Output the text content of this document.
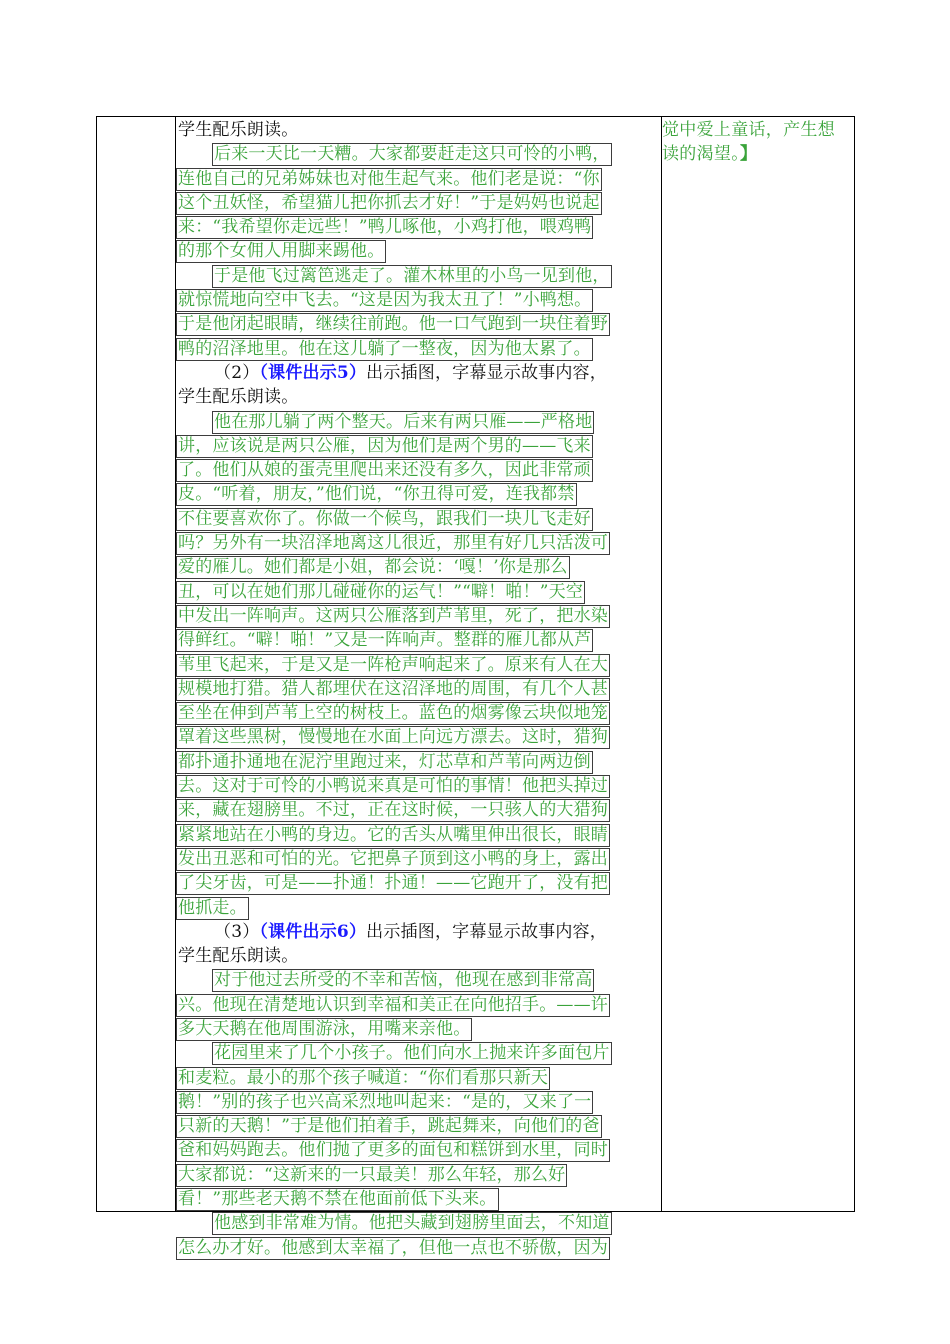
学生配乐朗读。
后来一天比一天糟。大家都要赶走这只可怜的小鸭，
连他自己的兄弟姊妹也对他生起气来。他们老是说：“你
这个丑妖怪，希望猫儿把你抓去才好！”于是妈妈也说起
来：“我希望你走远些！”鸭儿啄他，小鸡打他，喂鸡鸭
的那个女佣人用脚来踢他。
于是他飞过篱笆逃走了。灌木林里的小鸟一见到他，
就惊慌地向空中飞去。“这是因为我太丑了！”小鸭想。
于是他闭起眼睛，继续往前跑。他一口气跑到一块住着野
鸭的沼泽地里。他在这儿躺了一整夜，因为他太累了。
（2）（课件出示5）出示插图，字幕显示故事内容，
学生配乐朗读。
他在那儿躺了两个整天。后来有两只雁——严格地
讲，应该说是两只公雁，因为他们是两个男的——飞来
了。他们从娘的蛋壳里爬出来还没有多久，因此非常顽
皮。“听着，朋友，”他们说，“你丑得可爱，连我都禁
不住要喜欢你了。你做一个候鸟，跟我们一块儿飞走好
吗？另外有一块沼泽地离这儿很近，那里有好几只活泼可
爱的雁儿。她们都是小姐，都会说：‘嘎！’你是那么
丑，可以在她们那儿碰碰你的运气！”“噼！啪！”天空
中发出一阵响声。这两只公雁落到芦苇里，死了，把水染
得鲜红。“噼！啪！”又是一阵响声。整群的雁儿都从芦
苇里飞起来，于是又是一阵枪声响起来了。原来有人在大
规模地打猎。猎人都埋伏在这沼泽地的周围，有几个人甚
至坐在伸到芦苇上空的树枝上。蓝色的烟雾像云块似地笼
罩着这些黑树，慢慢地在水面上向远方漂去。这时，猎狗
都扑通扑通地在泥泞里跑过来，灯芯草和芦苇向两边倒
去。这对于可怜的小鸭说来真是可怕的事情！他把头掉过
来，藏在翅膀里。不过，正在这时候，一只骇人的大猎狗
紧紧地站在小鸭的身边。它的舌头从嘴里伸出很长，眼睛
发出丑恶和可怕的光。它把鼻子顶到这小鸭的身上，露出
了尖牙齿，可是——扑通！扑通！——它跑开了，没有把
他抓走。
（3）（课件出示6）出示插图，字幕显示故事内容，
学生配乐朗读。
对于他过去所受的不幸和苦恼，他现在感到非常高
兴。他现在清楚地认识到幸福和美正在向他招手。——许
多大天鹅在他周围游泳，用嘴来亲他。
花园里来了几个小孩子。他们向水上抛来许多面包片
和麦粒。最小的那个孩子喊道：“你们看那只新天
鹅！”别的孩子也兴高采烈地叫起来：“是的，又来了一
只新的天鹅！”于是他们拍着手，跳起舞来，向他们的爸
爸和妈妈跑去。他们抛了更多的面包和糕饼到水里，同时
大家都说：“这新来的一只最美！那么年轻，那么好
看！”那些老天鹅不禁在他面前低下头来。
他感到非常难为情。他把头藏到翅膀里面去，不知道
怎么办才好。他感到太幸福了，但他一点也不骄傲，因为
觉中爱上童话，产生想
读的渴望。】
